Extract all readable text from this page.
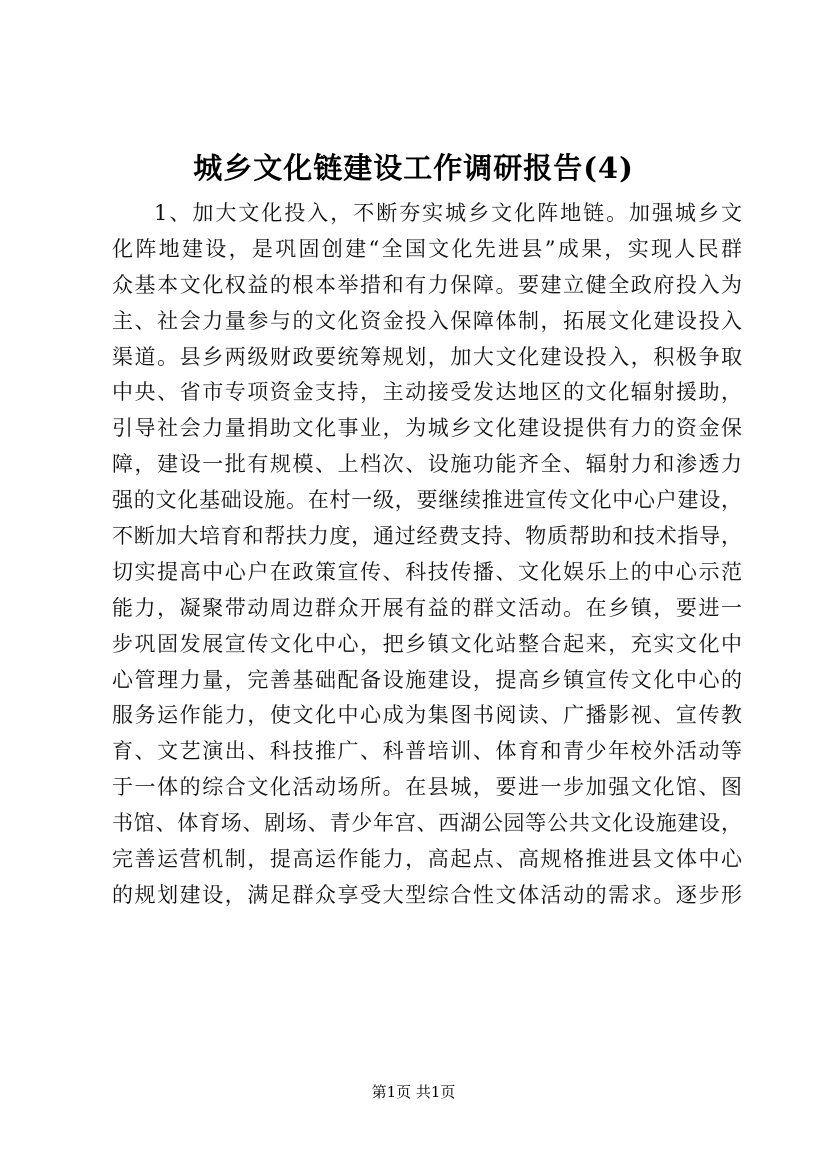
城乡文化链建设工作调研报告(4)
1、加大文化投入，不断夯实城乡文化阵地链。加强城乡文
化阵地建设，是巩固创建“全国文化先进县”成果，实现人民群
众基本文化权益的根本举措和有力保障。要建立健全政府投入为
主、社会力量参与的文化资金投入保障体制，拓展文化建设投入
渠道。县乡两级财政要统筹规划，加大文化建设投入，积极争取
中央、省市专项资金支持，主动接受发达地区的文化辐射援助，
引导社会力量捐助文化事业，为城乡文化建设提供有力的资金保
障，建设一批有规模、上档次、设施功能齐全、辐射力和渗透力
强的文化基础设施。在村一级，要继续推进宣传文化中心户建设，
不断加大培育和帮扶力度，通过经费支持、物质帮助和技术指导，
切实提高中心户在政策宣传、科技传播、文化娱乐上的中心示范
能力，凝聚带动周边群众开展有益的群文活动。在乡镇，要进一
步巩固发展宣传文化中心，把乡镇文化站整合起来，充实文化中
心管理力量，完善基础配备设施建设，提高乡镇宣传文化中心的
服务运作能力，使文化中心成为集图书阅读、广播影视、宣传教
育、文艺演出、科技推广、科普培训、体育和青少年校外活动等
于一体的综合文化活动场所。在县城，要进一步加强文化馆、图
书馆、体育场、剧场、青少年宫、西湖公园等公共文化设施建设，
完善运营机制，提高运作能力，高起点、高规格推进县文体中心
的规划建设，满足群众享受大型综合性文体活动的需求。逐步形
第1页 共1页
